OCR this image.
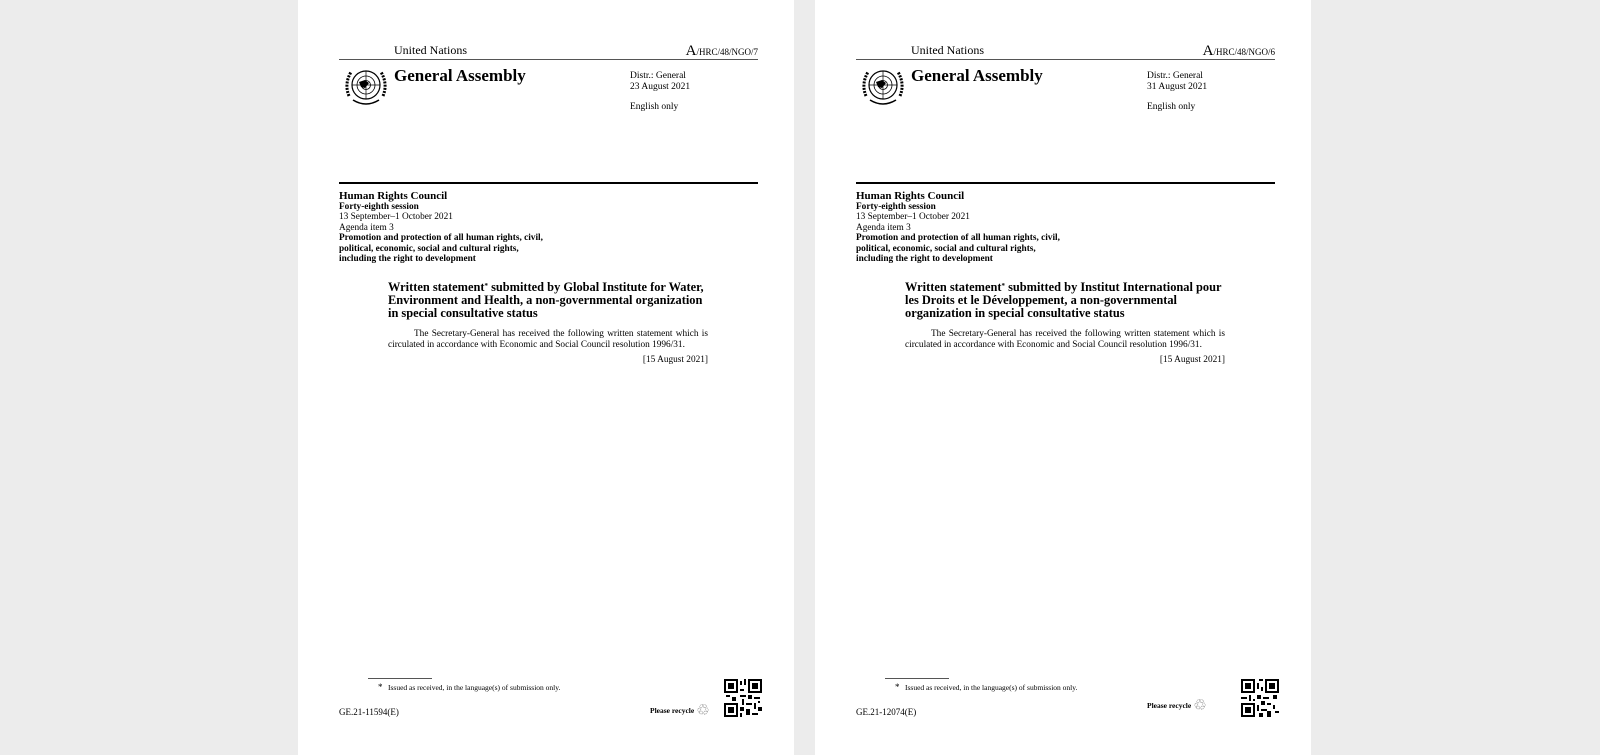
United Nations	A/HRC/48/NGO/7
General Assembly	Distr.: General
23 August 2021
English only
Human Rights Council
Forty-eighth session
13 September–1 October 2021
Agenda item 3
Promotion and protection of all human rights, civil,
political, economic, social and cultural rights,
including the right to development
Written statement* submitted by Global Institute for Water, Environment and Health, a non-governmental organization in special consultative status
The Secretary-General has received the following written statement which is circulated in accordance with Economic and Social Council resolution 1996/31.
[15 August 2021]
* Issued as received, in the language(s) of submission only.
GE.21-11594(E)	Please recycle ♲
United Nations	A/HRC/48/NGO/6
General Assembly	Distr.: General
31 August 2021
English only
Human Rights Council
Forty-eighth session
13 September–1 October 2021
Agenda item 3
Promotion and protection of all human rights, civil,
political, economic, social and cultural rights,
including the right to development
Written statement* submitted by Institut International pour les Droits et le Développement, a non-governmental organization in special consultative status
The Secretary-General has received the following written statement which is circulated in accordance with Economic and Social Council resolution 1996/31.
[15 August 2021]
* Issued as received, in the language(s) of submission only.
GE.21-12074(E)
Please recycle ♲
